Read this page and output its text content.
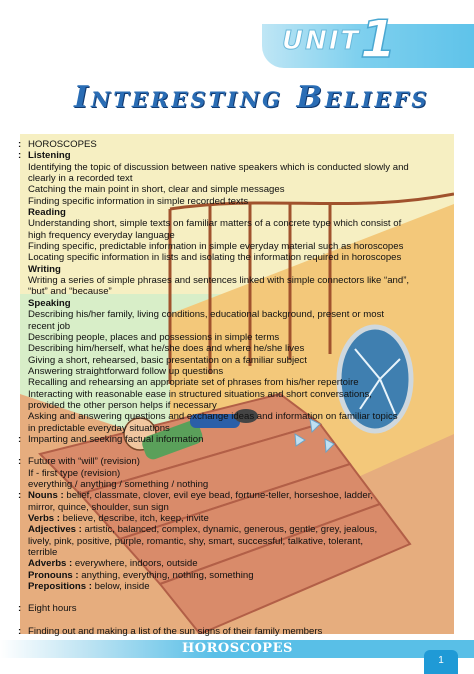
UNIT 1
Interesting Beliefs
: HOROSCOPES
: Listening
Identifying the topic of discussion between native speakers which is conducted slowly and
clearly in a recorded text
Catching the main point in short, clear and simple messages
Finding specific information in simple recorded texts
Reading
Understanding short, simple texts on familiar matters of a concrete type which consist of
high frequency everyday language
Finding specific, predictable information in simple everyday material such as horoscopes
Locating specific information in lists and isolating the information required in horoscopes
Writing
Writing a series of simple phrases and sentences linked with simple connectors like “and”,
“but” and “because”
Speaking
Describing his/her family, living conditions, educational background, present or most
recent job
Describing people, places and possessions in simple terms
Describing him/herself, what he/she does and where he/she lives
Giving a short, rehearsed, basic presentation on a familiar subject
Answering straightforward follow up questions
Recalling and rehearsing an appropriate set of phrases from his/her repertoire
Interacting with reasonable ease in structured situations and short conversations,
provided the other person helps if necessary
Asking and answering questions and exchange ideas and information on familiar topics
in predictable everyday situations
: Imparting and seeking factual information
: Future with “will” (revision)
If - first type (revision)
everything / anything / something / nothing
: Nouns : belief, classmate, clover, evil eye bead, fortune-teller, horseshoe, ladder,
mirror, quince, shoulder, sun sign
Verbs : believe, describe, itch, keep, invite
Adjectives : artistic, balanced, complex, dynamic, generous, gentle, grey, jealous,
lively, pink, positive, purple, romantic, shy, smart, successful, talkative, tolerant,
terrible
Adverbs : everywhere, indoors, outside
Pronouns : anything, everything, nothing, something
Prepositions : below, inside
: Eight hours
: Finding out and making a list of the sun signs of their family members
HOROSCOPES
1
